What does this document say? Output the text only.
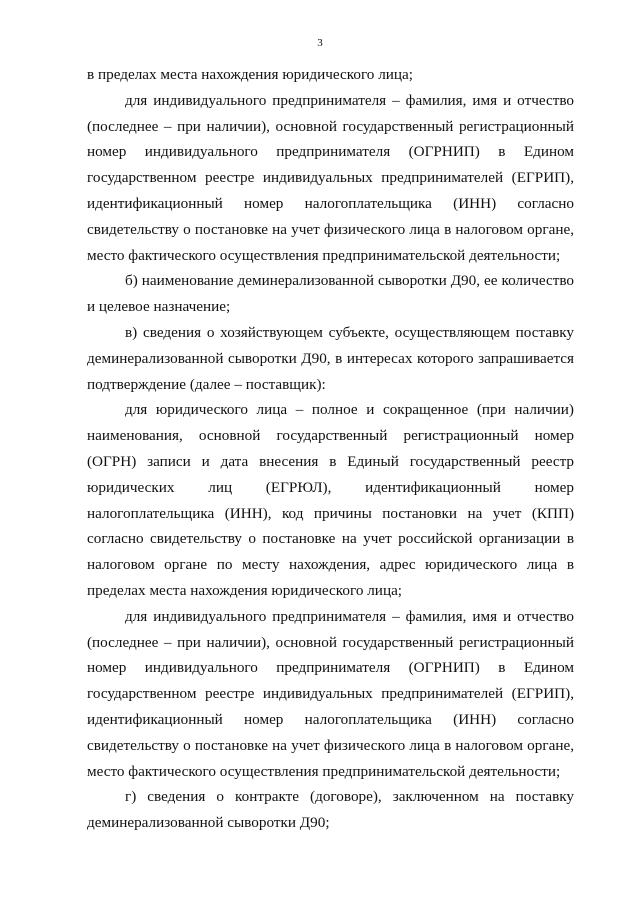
3

в пределах места нахождения юридического лица;

для индивидуального предпринимателя – фамилия, имя и отчество (последнее – при наличии), основной государственный регистрационный номер индивидуального предпринимателя (ОГРНИП) в Едином государственном реестре индивидуальных предпринимателей (ЕГРИП), идентификационный номер налогоплательщика (ИНН) согласно свидетельству о постановке на учет физического лица в налоговом органе, место фактического осуществления предпринимательской деятельности;

б) наименование деминерализованной сыворотки Д90, ее количество и целевое назначение;

в) сведения о хозяйствующем субъекте, осуществляющем поставку деминерализованной сыворотки Д90, в интересах которого запрашивается подтверждение (далее – поставщик):

для юридического лица – полное и сокращенное (при наличии) наименования, основной государственный регистрационный номер (ОГРН) записи и дата внесения в Единый государственный реестр юридических лиц (ЕГРЮЛ), идентификационный номер налогоплательщика (ИНН), код причины постановки на учет (КПП) согласно свидетельству о постановке на учет российской организации в налоговом органе по месту нахождения, адрес юридического лица в пределах места нахождения юридического лица;

для индивидуального предпринимателя – фамилия, имя и отчество (последнее – при наличии), основной государственный регистрационный номер индивидуального предпринимателя (ОГРНИП) в Едином государственном реестре индивидуальных предпринимателей (ЕГРИП), идентификационный номер налогоплательщика (ИНН) согласно свидетельству о постановке на учет физического лица в налоговом органе, место фактического осуществления предпринимательской деятельности;

г) сведения о контракте (договоре), заключенном на поставку деминерализованной сыворотки Д90;
